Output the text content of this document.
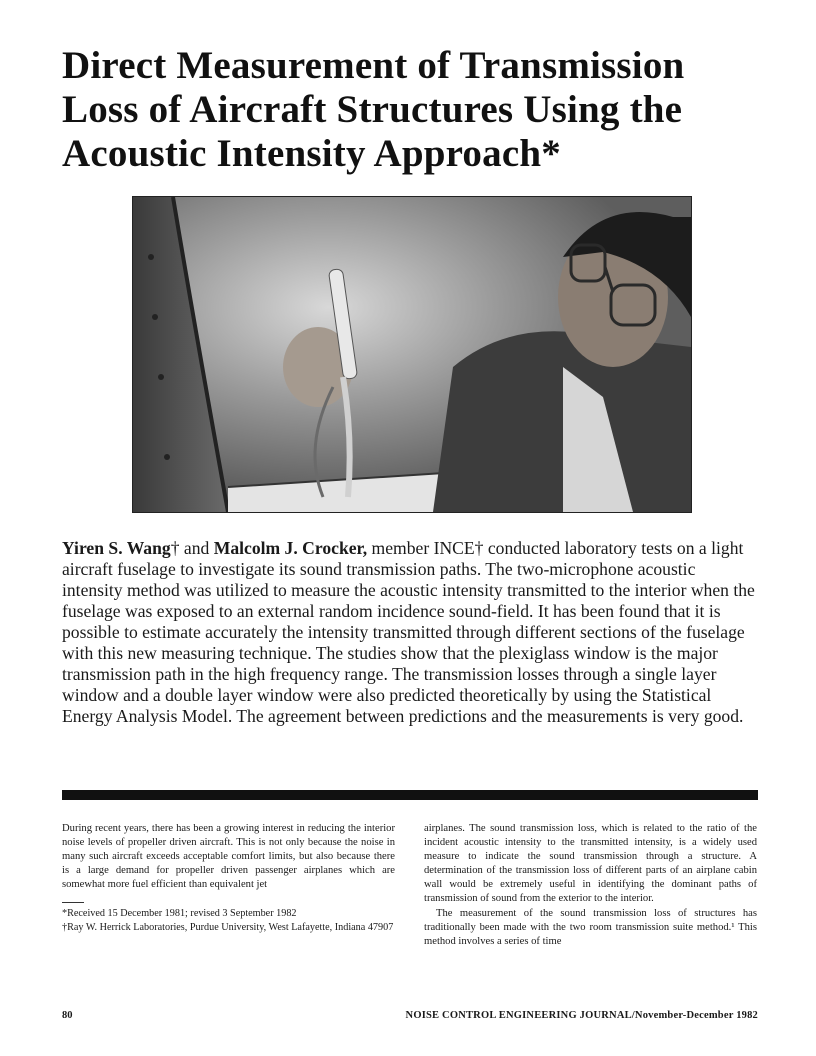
Direct Measurement of Transmission
Loss of Aircraft Structures Using the
Acoustic Intensity Approach*

Yiren S. Wang† and Malcolm J. Crocker, member INCE† conducted laboratory tests on a light aircraft fuselage to investigate its sound transmission paths. The two-microphone acoustic intensity method was utilized to measure the acoustic intensity transmitted to the interior when the fuselage was exposed to an external random incidence sound-field. It has been found that it is possible to estimate accurately the intensity transmitted through different sections of the fuselage with this new measuring technique. The studies show that the plexiglass window is the major transmission path in the high frequency range. The transmission losses through a single layer window and a double layer window were also predicted theoretically by using the Statistical Energy Analysis Model. The agreement between predictions and the measurements is very good.

During recent years, there has been a growing interest in reducing the interior noise levels of propeller driven aircraft. This is not only because the noise in many such aircraft exceeds acceptable comfort limits, but also because there is a large demand for propeller driven passenger airplanes which are somewhat more fuel efficient than equivalent jet

*Received 15 December 1981; revised 3 September 1982

†Ray W. Herrick Laboratories, Purdue University, West Lafayette, Indiana 47907

airplanes. The sound transmission loss, which is related to the ratio of the incident acoustic intensity to the transmitted intensity, is a widely used measure to indicate the sound transmission through a structure. A determination of the transmission loss of different parts of an airplane cabin wall would be extremely useful in identifying the dominant paths of transmission of sound from the exterior to the interior.

The measurement of the sound transmission loss of structures has traditionally been made with the two room transmission suite method.¹ This method involves a series of time

80	NOISE CONTROL ENGINEERING JOURNAL/November-December 1982
